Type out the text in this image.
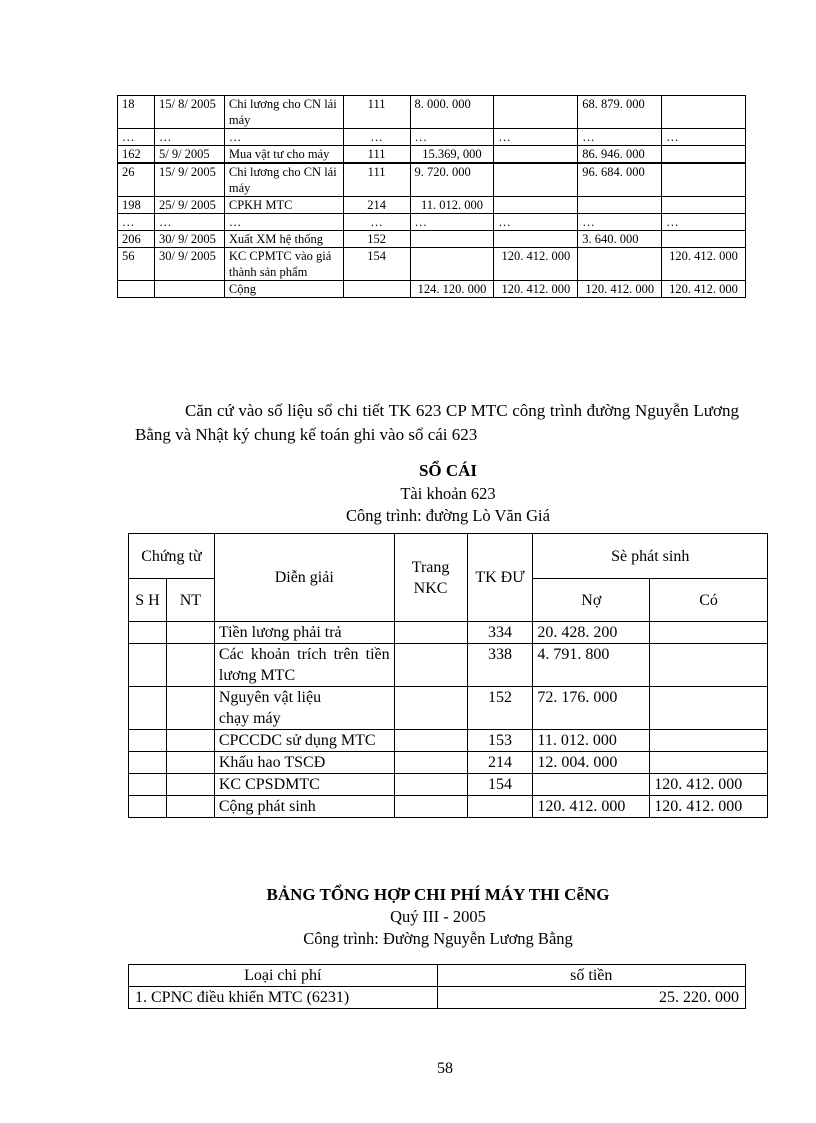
18	15/ 8/ 2005	Chi lương cho CN lái máy	111	8. 000. 000		68. 879. 000	
…	…	…	…	…	…	…	…
162	5/ 9/ 2005	Mua vật tư cho máy	111	15.369, 000		86. 946. 000	
26	15/ 9/ 2005	Chi lương cho CN lái máy	111	9. 720. 000		96. 684. 000	
198	25/ 9/ 2005	CPKH MTC	214	11. 012. 000			
…	…	…	…	…	…	…	…
206	30/ 9/ 2005	Xuất XM hệ thống	152			3. 640. 000	
56	30/ 9/ 2005	KC CPMTC vào giá thành sản phẩm	154		120. 412. 000		120. 412. 000
		Cộng		124. 120. 000	120. 412. 000	120. 412. 000	120. 412. 000
Căn cứ vào số liệu sổ chi tiết TK 623 CP MTC công trình đường Nguyễn Lương Bằng và Nhật ký chung kế toán ghi vào sổ cái 623
SỔ CÁI
Tài khoản 623
Công trình: đường Lò Văn Giá
Chứng từ		Diễn giải	Trang NKC	TK ĐƯ	Sè phát sinh	
S H	NT				Nợ	Có
		Tiền lương phải trả		334	20. 428. 200	
		Các khoản trích trên tiền lương MTC		338	4. 791. 800	
		Nguyên vật liệu chạy máy		152	72. 176. 000	
		CPCCDC sử dụng MTC		153	11. 012. 000	
		Khấu hao TSCĐ		214	12. 004. 000	
		KC CPSDMTC		154		120. 412. 000
		Cộng phát sinh			120. 412. 000	120. 412. 000
BẢNG TỔNG HỢP CHI PHÍ MÁY THI CễNG
Quý III - 2005
Công trình: Đường Nguyễn Lương Bằng
Loại chi phí	số tiền
1. CPNC điều khiển MTC (6231)	25. 220. 000
58
